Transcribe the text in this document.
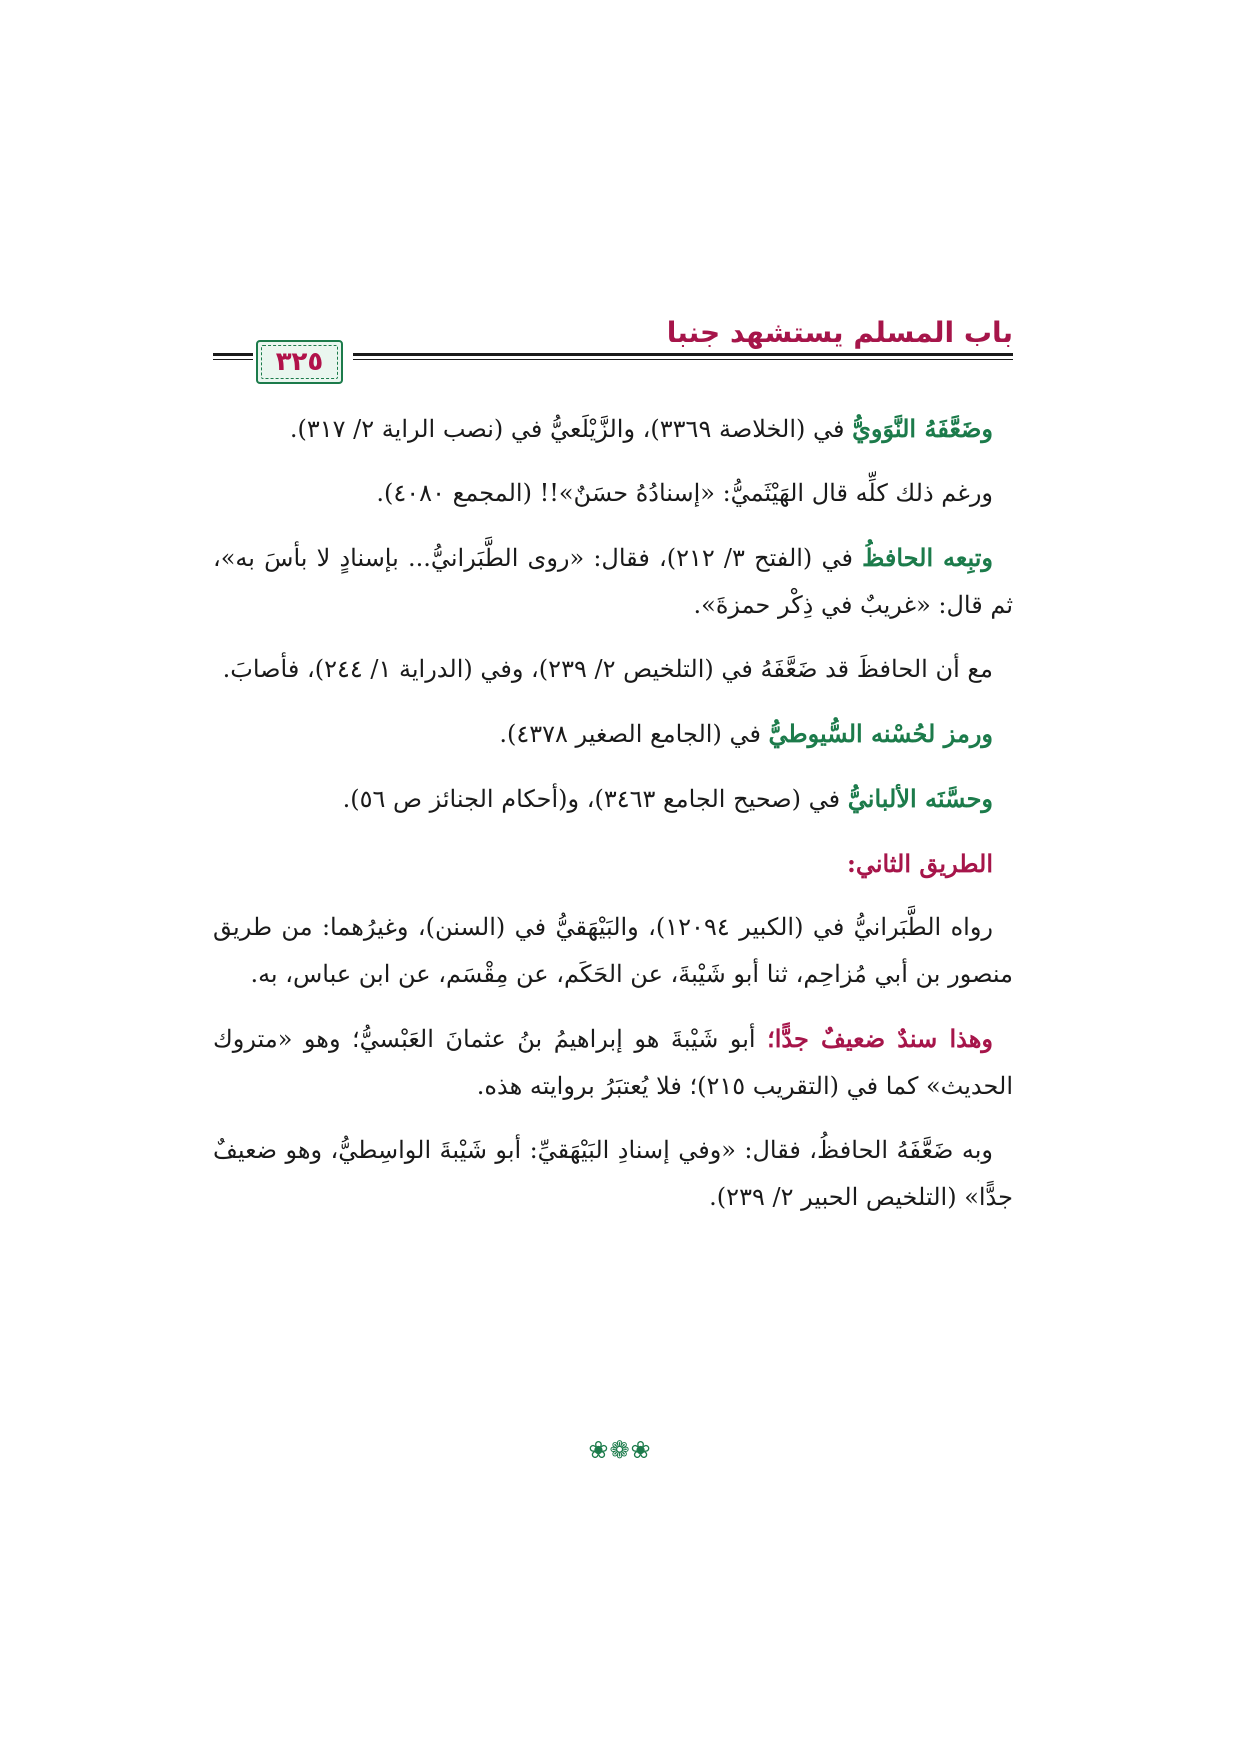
باب المسلم يستشهد جنبا
٣٢٥

وضَعَّفَهُ النَّوَويُّ في (الخلاصة ٣٣٦٩)، والزَّيْلَعيُّ في (نصب الراية ٢/ ٣١٧).

ورغم ذلك كلِّه قال الهَيْثَميُّ: «إسنادُهُ حسَنٌ»!! (المجمع ٤٠٨٠).

وتبِعه الحافظُ في (الفتح ٣/ ٢١٢)، فقال: «روى الطَّبَرانيُّ... بإسنادٍ لا بأسَ به»، ثم قال: «غريبٌ في ذِكْر حمزةَ».

مع أن الحافظَ قد ضَعَّفَهُ في (التلخيص ٢/ ٢٣٩)، وفي (الدراية ١/ ٢٤٤)، فأصابَ.

ورمز لحُسْنه السُّيوطيُّ في (الجامع الصغير ٤٣٧٨).

وحسَّنَه الألبانيُّ في (صحيح الجامع ٣٤٦٣)، و(أحكام الجنائز ص ٥٦).

الطريق الثاني:

رواه الطَّبَرانيُّ في (الكبير ١٢٠٩٤)، والبَيْهَقيُّ في (السنن)، وغيرُهما: من طريق منصور بن أبي مُزاحِم، ثنا أبو شَيْبةَ، عن الحَكَم، عن مِقْسَم، عن ابن عباس، به.

وهذا سندٌ ضعيفٌ جدًّا؛ أبو شَيْبةَ هو إبراهيمُ بنُ عثمانَ العَبْسيُّ؛ وهو «متروك الحديث» كما في (التقريب ٢١٥)؛ فلا يُعتبَرُ بروايته هذه.

وبه ضَعَّفَهُ الحافظُ، فقال: «وفي إسنادِ البَيْهَقيِّ: أبو شَيْبةَ الواسِطيُّ، وهو ضعيفٌ جدًّا» (التلخيص الحبير ٢/ ٢٣٩).

❀❁❀
